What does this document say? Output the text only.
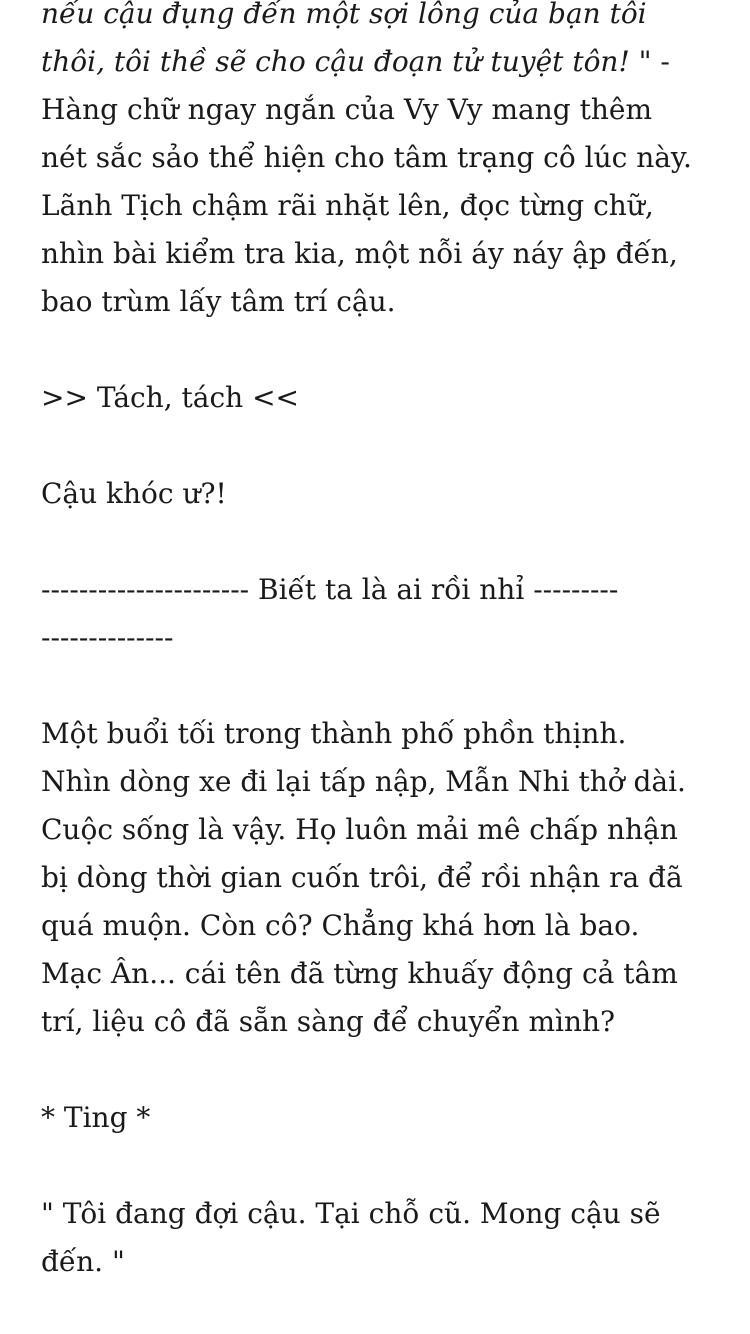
nếu cậu đụng đến một sợi lông của bạn tôi thôi, tôi thề sẽ cho cậu đoạn tử tuyệt tôn! " - Hàng chữ ngay ngắn của Vy Vy mang thêm nét sắc sảo thể hiện cho tâm trạng cô lúc này. Lãnh Tịch chậm rãi nhặt lên, đọc từng chữ, nhìn bài kiểm tra kia, một nỗi áy náy ập đến, bao trùm lấy tâm trí cậu.

>> Tách, tách <<

Cậu khóc ư?!

---------------------- Biết ta là ai rồi nhỉ ---------

--------------

Một buổi tối trong thành phố phồn thịnh. Nhìn dòng xe đi lại tấp nập, Mẫn Nhi thở dài. Cuộc sống là vậy. Họ luôn mải mê chấp nhận bị dòng thời gian cuốn trôi, để rồi nhận ra đã quá muộn. Còn cô? Chẳng khá hơn là bao. Mạc Ân... cái tên đã từng khuấy động cả tâm trí, liệu cô đã sẵn sàng để chuyển mình?

* Ting *

" Tôi đang đợi cậu. Tại chỗ cũ. Mong cậu sẽ đến. "
